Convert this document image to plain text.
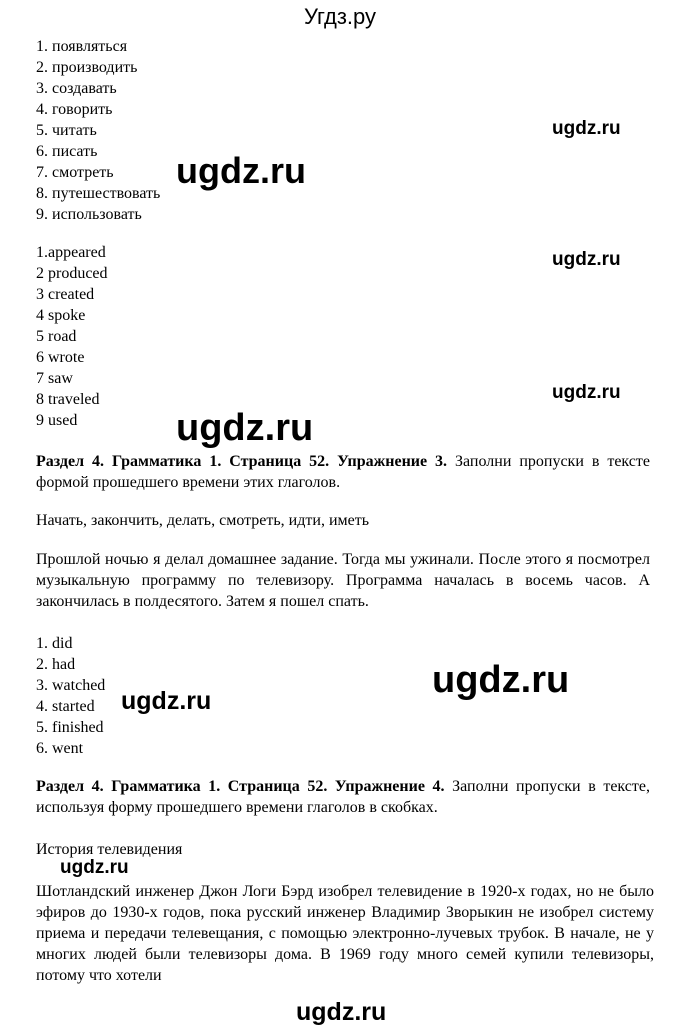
Угдз.ру
1. появляться
2. производить
3. создавать
4. говорить
5. читать
6. писать
7. смотреть
8. путешествовать
9. использовать
1.appeared
2 produced
3 created
4 spoke
5 road
6 wrote
7 saw
8 traveled
9 used

Раздел 4. Грамматика 1. Страница 52. Упражнение 3. Заполни пропуски в тексте формой прошедшего времени этих глаголов.

Начать, закончить, делать, смотреть, идти, иметь

Прошлой ночью я делал домашнее задание. Тогда мы ужинали. После этого я посмотрел музыкальную программу по телевизору. Программа началась в восемь часов. А закончилась в полдесятого. Затем я пошел спать.

1. did
2. had
3. watched
4. started
5. finished
6. went

Раздел 4. Грамматика 1. Страница 52. Упражнение 4. Заполни пропуски в тексте, используя форму прошедшего времени глаголов в скобках.

История телевидения

Шотландский инженер Джон Логи Бэрд изобрел телевидение в 1920-х годах, но не было эфиров до 1930-х годов, пока русский инженер Владимир Зворыкин не изобрел систему приема и передачи телевещания, с помощью электронно-лучевых трубок. В начале, не у многих людей были телевизоры дома. В 1969 году много семей купили телевизоры, потому что хотели

ugdz.ru
ugdz.ru
ugdz.ru
ugdz.ru
ugdz.ru
ugdz.ru
ugdz.ru
ugdz.ru
ugdz.ru
